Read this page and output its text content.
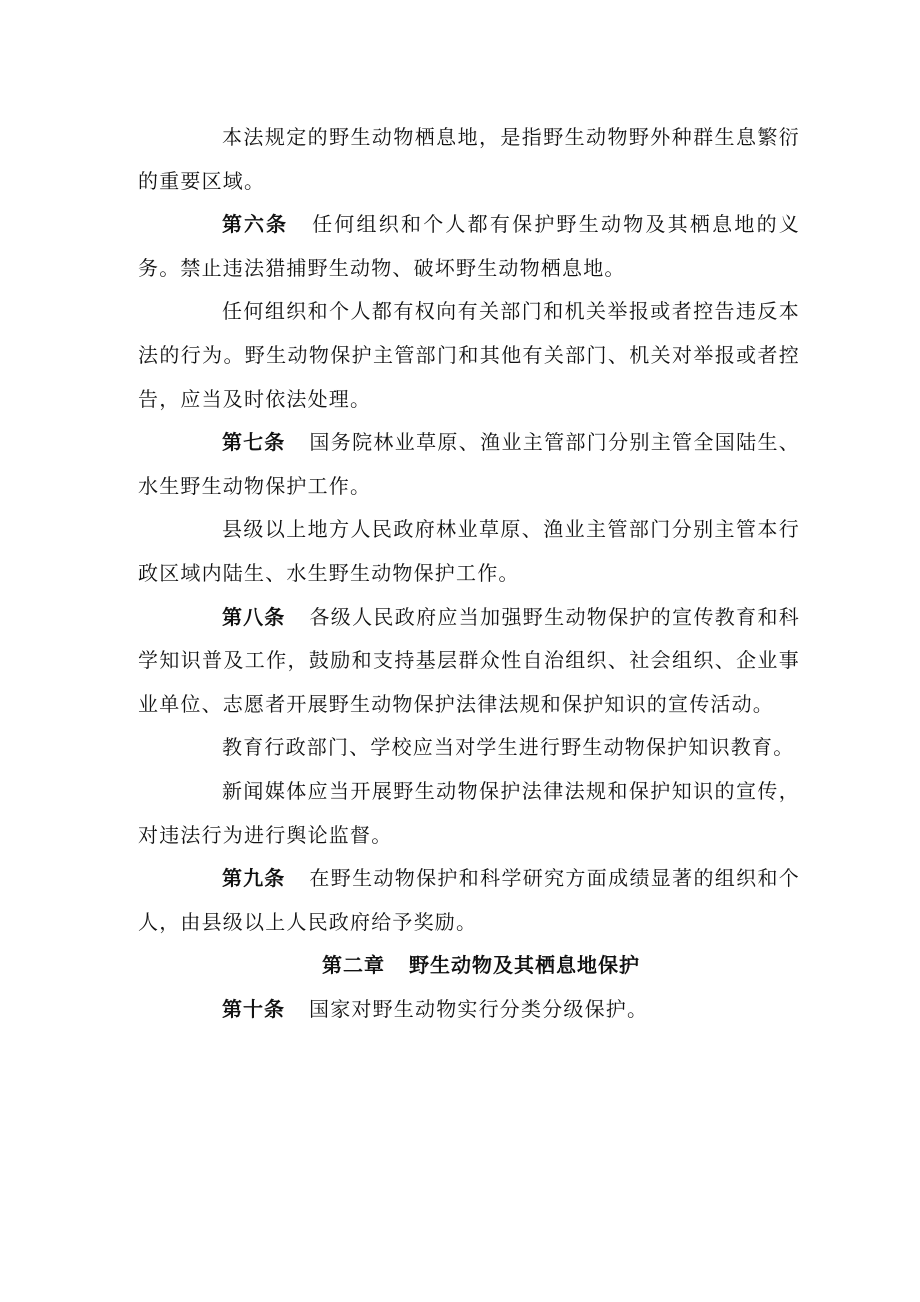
本法规定的野生动物栖息地，是指野生动物野外种群生息繁衍的重要区域。

第六条 任何组织和个人都有保护野生动物及其栖息地的义务。禁止违法猎捕野生动物、破坏野生动物栖息地。

任何组织和个人都有权向有关部门和机关举报或者控告违反本法的行为。野生动物保护主管部门和其他有关部门、机关对举报或者控告，应当及时依法处理。

第七条 国务院林业草原、渔业主管部门分别主管全国陆生、水生野生动物保护工作。

县级以上地方人民政府林业草原、渔业主管部门分别主管本行政区域内陆生、水生野生动物保护工作。

第八条 各级人民政府应当加强野生动物保护的宣传教育和科学知识普及工作，鼓励和支持基层群众性自治组织、社会组织、企业事业单位、志愿者开展野生动物保护法律法规和保护知识的宣传活动。

教育行政部门、学校应当对学生进行野生动物保护知识教育。

新闻媒体应当开展野生动物保护法律法规和保护知识的宣传，对违法行为进行舆论监督。

第九条 在野生动物保护和科学研究方面成绩显著的组织和个人，由县级以上人民政府给予奖励。

第二章 野生动物及其栖息地保护

第十条 国家对野生动物实行分类分级保护。
